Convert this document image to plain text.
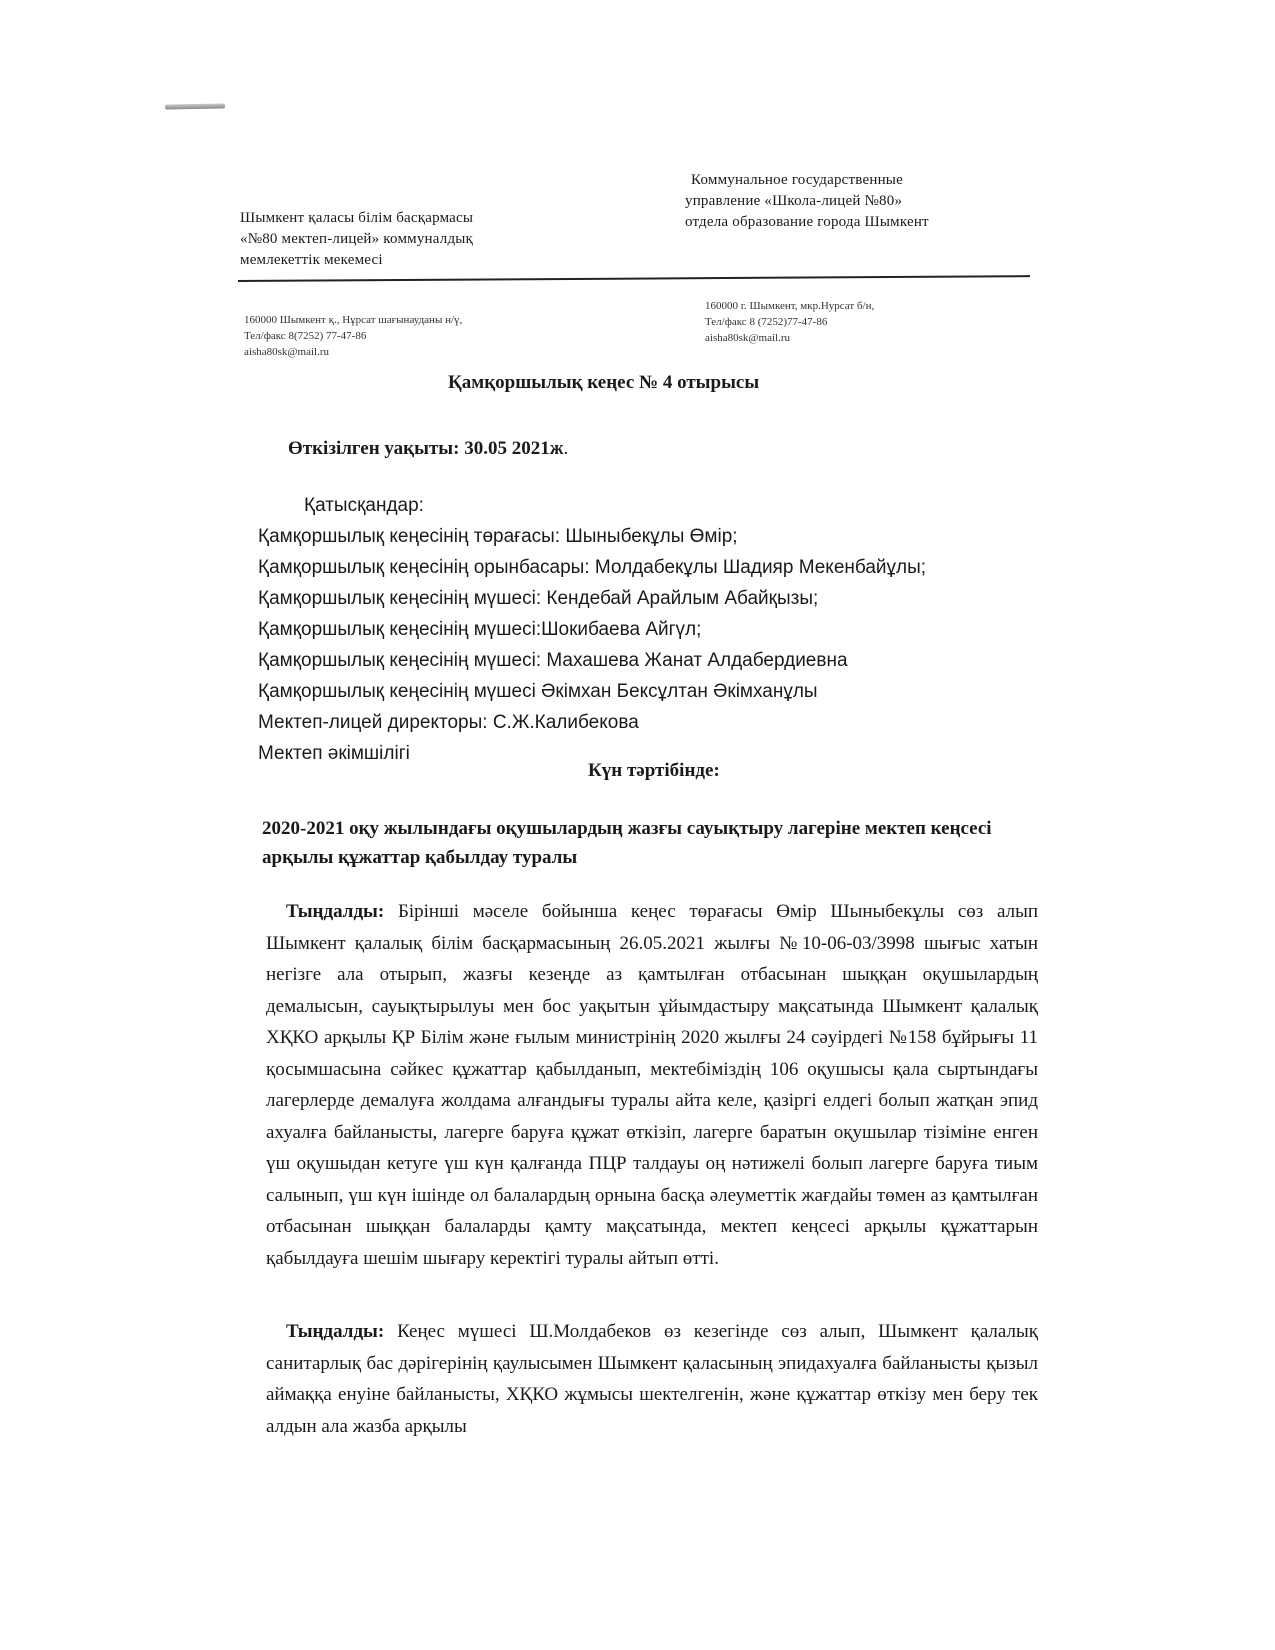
Шымкент қаласы білім басқармасы
«№80 мектеп-лицей» коммуналдық
мемлекеттік мекемесі
Коммунальное государственные
управление «Школа-лицей №80»
отдела образование города Шымкент
160000 Шымкент қ., Нұрсат шағынауданы н/ү,
Тел/факс 8(7252) 77-47-86
aisha80sk@mail.ru
160000 г. Шымкент, мкр.Нурсат б/н,
Тел/факс 8 (7252)77-47-86
aisha80sk@mail.ru
Қамқоршылық кеңес № 4 отырысы
Өткізілген уақыты: 30.05 2021ж.
Қатысқандар:
Қамқоршылық кеңесінің төрағасы: Шыныбекұлы Өмір;
Қамқоршылық кеңесінің орынбасары: Молдабекұлы Шадияр Мекенбайұлы;
Қамқоршылық кеңесінің мүшесі: Кендебай Арайлым Абайқызы;
Қамқоршылық кеңесінің мүшесі:Шокибаева Айгүл;
Қамқоршылық кеңесінің мүшесі: Махашева Жанат Алдабердиевна
Қамқоршылық кеңесінің мүшесі Әкімхан Бексұлтан Әкімханұлы
Мектеп-лицей директоры: С.Ж.Калибекова
Мектеп әкімшілігі
Күн тәртібінде:
2020-2021 оқу жылындағы оқушылардың жазғы сауықтыру лагеріне мектеп кеңсесі арқылы құжаттар қабылдау туралы
Тыңдалды: Бірінші мәселе бойынша кеңес төрағасы Өмір Шыныбекұлы сөз алып Шымкент қалалық білім басқармасының 26.05.2021 жылғы №10-06-03/3998 шығыс хатын негізге ала отырып, жазғы кезеңде аз қамтылған отбасынан шыққан оқушылардың демалысын, сауықтырылуы мен бос уақытын ұйымдастыру мақсатында Шымкент қалалық ХҚКО арқылы ҚР Білім және ғылым министрінің 2020 жылғы 24 сәуірдегі №158 бұйрығы 11 қосымшасына сәйкес құжаттар қабылданып, мектебіміздің 106 оқушысы қала сыртындағы лагерлерде демалуға жолдама алғандығы туралы айта келе, қазіргі елдегі болып жатқан эпид ахуалға байланысты, лагерге баруға құжат өткізіп, лагерге баратын оқушылар тізіміне енген үш оқушыдан кетуге үш күн қалғанда ПЦР талдауы оң нәтижелі болып лагерге баруға тиым салынып, үш күн ішінде ол балалардың орнына басқа әлеуметтік жағдайы төмен аз қамтылған отбасынан шыққан балаларды қамту мақсатында, мектеп кеңсесі арқылы құжаттарын қабылдауға шешім шығару керектігі туралы айтып өтті.
Тыңдалды: Кеңес мүшесі Ш.Молдабеков өз кезегінде сөз алып, Шымкент қалалық санитарлық бас дәрігерінің қаулысымен Шымкент қаласының эпидахуалға байланысты қызыл аймаққа енуіне байланысты, ХҚКО жұмысы шектелгенін, және құжаттар өткізу мен беру тек алдын ала жазба арқылы
